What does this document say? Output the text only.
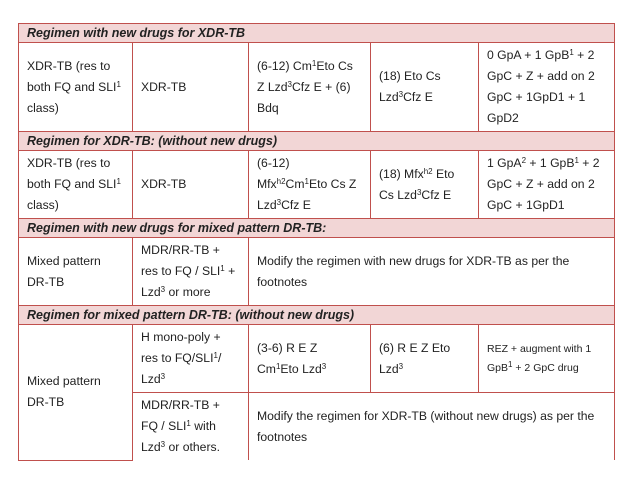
Regimen with new drugs for XDR-TB				
XDR-TB (res to both FQ and SLI$^1$ class)	XDR-TB	(6-12) Cm$^1$Eto Cs Z Lzd$^3$Cfz E + (6) Bdq	(18) Eto Cs Lzd$^3$Cfz E	0 GpA + 1 GpB$^1$ + 2 GpC + Z + add on 2 GpC + 1GpD1 + 1 GpD2
Regimen for XDR-TB: (without new drugs)				
XDR-TB (res to both FQ and SLI$^1$ class)	XDR-TB	(6-12) Mfx$^{h2}$Cm$^1$Eto Cs Z Lzd$^3$Cfz E	(18) Mfx$^{h2}$ Eto Cs Lzd$^3$Cfz E	1 GpA$^2$ + 1 GpB$^1$ + 2 GpC + Z + add on 2 GpC + 1GpD1
Regimen with new drugs for mixed pattern DR-TB:				
Mixed pattern DR-TB	MDR/RR-TB + res to FQ / $SLI^1 + Lzd^3$ or more	Modify the regimen with new drugs for XDR-TB as per the footnotes		
Regimen for mixed pattern DR-TB: (without new drugs)				
Mixed pattern DR-TB	H mono-poly + res to FQ/SLI$^1$/ Lzd$^3$	(3-6) R E Z Cm$^1$Eto Lzd$^3$	(6) R E Z Eto Lzd$^3$	REZ + augment with 1 GpB$^1$ + 2 GpC drug
	MDR/RR-TB + FQ / SLI$^1$ with Lzd$^3$ or others.	Modify the regimen for XDR-TB (without new drugs) as per the footnotes		
